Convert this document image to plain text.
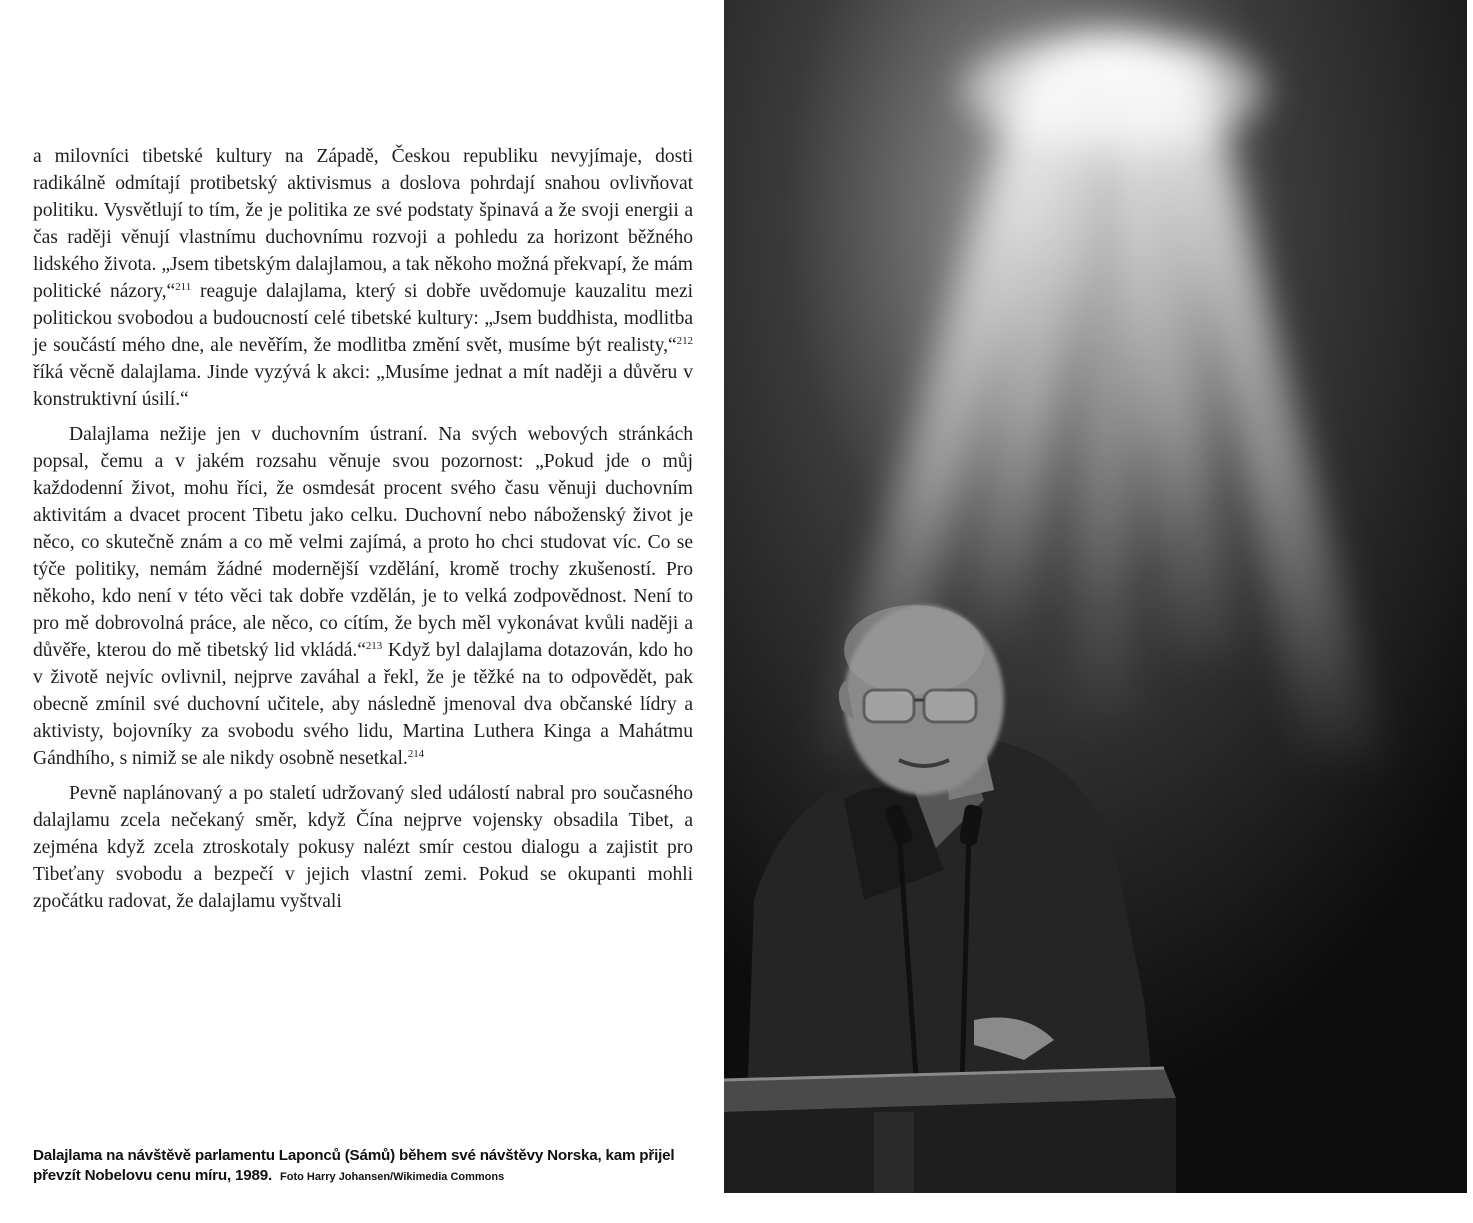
a milovníci tibetské kultury na Západě, Českou republiku nevyjímaje, dosti radikálně odmítají protibetský aktivismus a doslova pohrdají snahou ovlivňovat politiku. Vysvětlují to tím, že je politika ze své podstaty špinavá a že svoji energii a čas raději věnují vlastnímu duchovnímu rozvoji a pohledu za horizont běžného lidského života. „Jsem tibetským dalajlamou, a tak někoho možná překvapí, že mám politické názory,“$^{211}$ reaguje dalajlama, který si dobře uvědomuje kauzalitu mezi politickou svobodou a budoucností celé tibetské kultury: „Jsem buddhista, modlitba je součástí mého dne, ale nevěřím, že modlitba změní svět, musíme být realisty,“$^{212}$ říká věcně dalajlama. Jinde vyzývá k akci: „Musíme jednat a mít naději a důvěru v konstruktivní úsilí.“

Dalajlama nežije jen v duchovním ústraní. Na svých webových stránkách popsal, čemu a v jakém rozsahu věnuje svou pozornost: „Pokud jde o můj každodenní život, mohu říci, že osmdesát procent svého času věnuji duchovním aktivitám a dvacet procent Tibetu jako celku. Duchovní nebo náboženský život je něco, co skutečně znám a co mě velmi zajímá, a proto ho chci studovat víc. Co se týče politiky, nemám žádné modernější vzdělání, kromě trochy zkušeností. Pro někoho, kdo není v této věci tak dobře vzdělán, je to velká zodpovědnost. Není to pro mě dobrovolná práce, ale něco, co cítím, že bych měl vykonávat kvůli naději a důvěře, kterou do mě tibetský lid vkládá.“$^{213}$ Když byl dalajlama dotazován, kdo ho v životě nejvíc ovlivnil, nejprve zaváhal a řekl, že je těžké na to odpovědět, pak obecně zmínil své duchovní učitele, aby následně jmenoval dva občanské lídry a aktivisty, bojovníky za svobodu svého lidu, Martina Luthera Kinga a Mahátmu Gándhího, s nimiž se ale nikdy osobně nesetkal.$^{214}$

Pevně naplánovaný a po staletí udržovaný sled událostí nabral pro současného dalajlamu zcela nečekaný směr, když Čína nejprve vojensky obsadila Tibet, a zejména když zcela ztroskotaly pokusy nalézt smír cestou dialogu a zajistit pro Tibeťany svobodu a bezpečí v jejich vlastní zemi. Pokud se okupanti mohli zpočátku radovat, že dalajlamu vyštvali

Dalajlama na návštěvě parlamentu Laponců (Sámů) během své návštěvy Norska, kam přijel převzít Nobelovu cenu míru, 1989. Foto Harry Johansen/Wikimedia Commons
